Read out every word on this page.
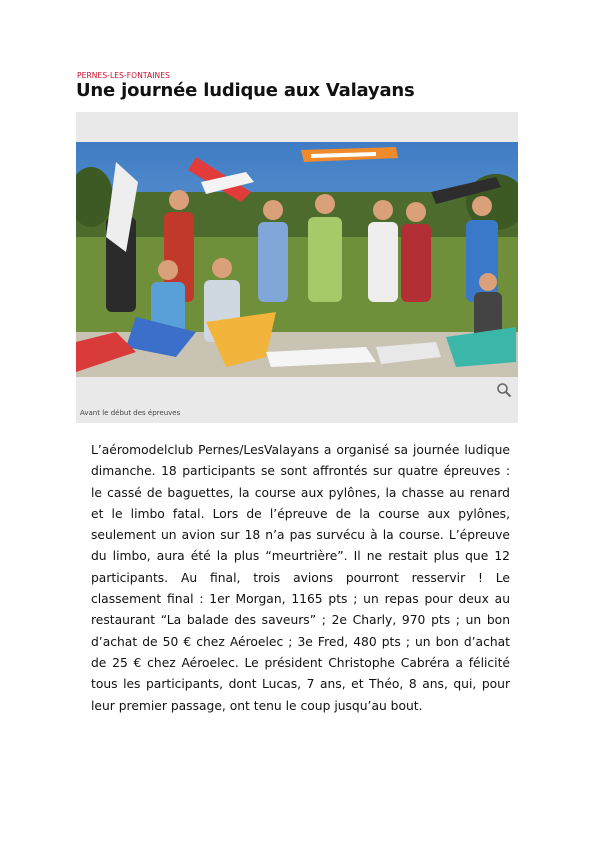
PERNES-LES-FONTAINES
Une journée ludique aux Valayans
Avant le début des épreuves

L’aéromodelclub Pernes/LesValayans a organisé sa journée ludique dimanche. 18 participants se sont affrontés sur quatre épreuves : le cassé de baguettes, la course aux pylônes, la chasse au renard et le limbo fatal. Lors de l’épreuve de la course aux pylônes, seulement un avion sur 18 n’a pas survécu à la course. L’épreuve du limbo, aura été la plus “meurtrière”. Il ne restait plus que 12 participants. Au final, trois avions pourront resservir ! Le classement final : 1er Morgan, 1165 pts ; un repas pour deux au restaurant “La balade des saveurs” ; 2e Charly, 970 pts ; un bon d’achat de 50 € chez Aéroelec ; 3e Fred, 480 pts ; un bon d’achat de 25 € chez Aéroelec. Le président Christophe Cabréra a félicité tous les participants, dont Lucas, 7 ans, et Théo, 8 ans, qui, pour leur premier passage, ont tenu le coup jusqu’au bout.
